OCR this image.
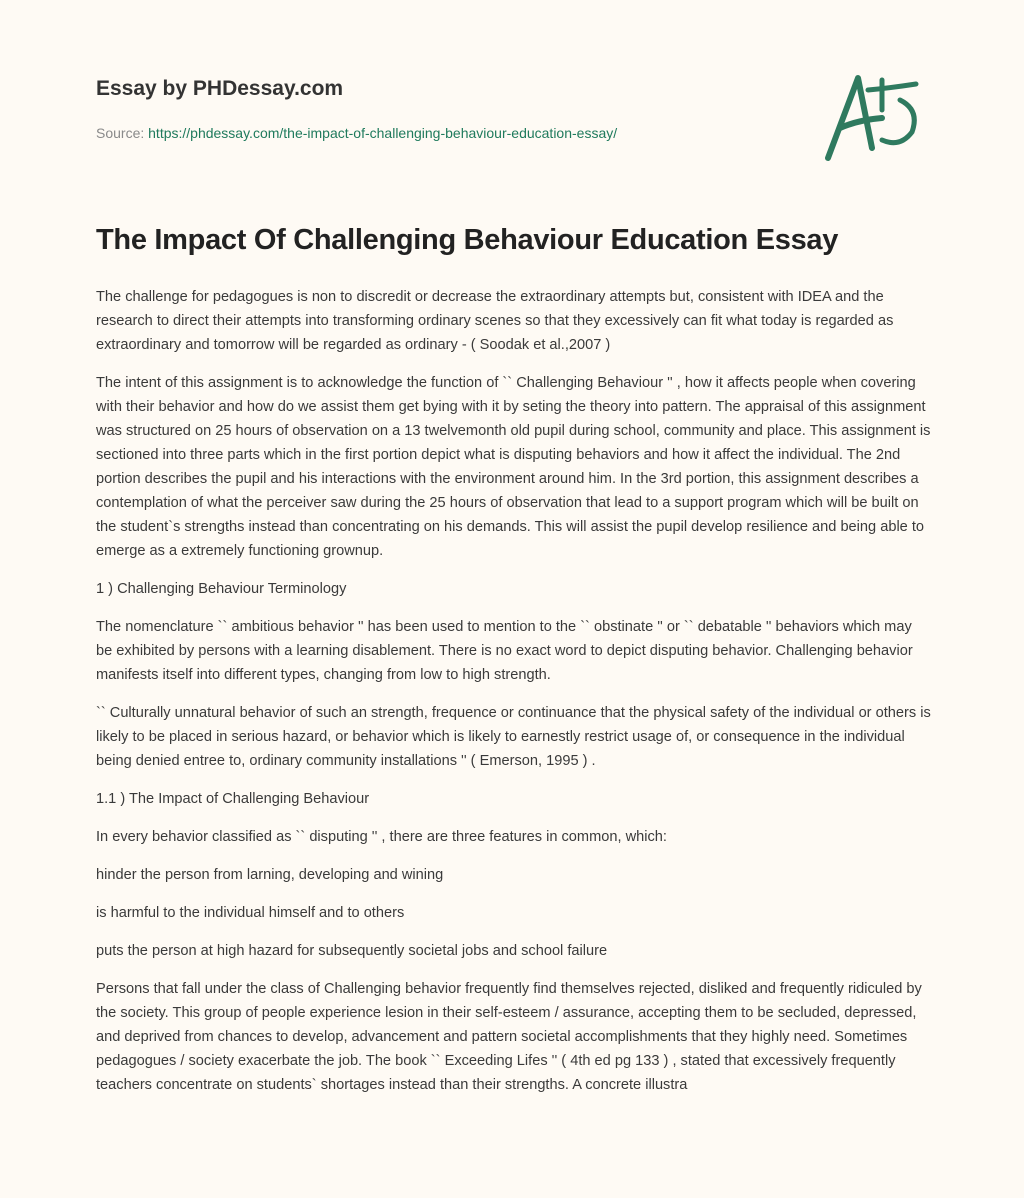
Essay by PHDessay.com
Source: https://phdessay.com/the-impact-of-challenging-behaviour-education-essay/
The Impact Of Challenging Behaviour Education Essay

The challenge for pedagogues is non to discredit or decrease the extraordinary attempts but, consistent with IDEA and the research to direct their attempts into transforming ordinary scenes so that they excessively can fit what today is regarded as extraordinary and tomorrow will be regarded as ordinary - ( Soodak et al.,2007 )

The intent of this assignment is to acknowledge the function of `` Challenging Behaviour '' , how it affects people when covering with their behavior and how do we assist them get bying with it by seting the theory into pattern. The appraisal of this assignment was structured on 25 hours of observation on a 13 twelvemonth old pupil during school, community and place. This assignment is sectioned into three parts which in the first portion depict what is disputing behaviors and how it affect the individual. The 2nd portion describes the pupil and his interactions with the environment around him. In the 3rd portion, this assignment describes a contemplation of what the perceiver saw during the 25 hours of observation that lead to a support program which will be built on the student`s strengths instead than concentrating on his demands. This will assist the pupil develop resilience and being able to emerge as a extremely functioning grownup.

1 ) Challenging Behaviour Terminology

The nomenclature `` ambitious behavior '' has been used to mention to the `` obstinate '' or `` debatable '' behaviors which may be exhibited by persons with a learning disablement. There is no exact word to depict disputing behavior. Challenging behavior manifests itself into different types, changing from low to high strength.

`` Culturally unnatural behavior of such an strength, frequence or continuance that the physical safety of the individual or others is likely to be placed in serious hazard, or behavior which is likely to earnestly restrict usage of, or consequence in the individual being denied entree to, ordinary community installations '' ( Emerson, 1995 ) .

1.1 ) The Impact of Challenging Behaviour

In every behavior classified as `` disputing '' , there are three features in common, which:

hinder the person from larning, developing and wining

is harmful to the individual himself and to others

puts the person at high hazard for subsequently societal jobs and school failure

Persons that fall under the class of Challenging behavior frequently find themselves rejected, disliked and frequently ridiculed by the society. This group of people experience lesion in their self-esteem / assurance, accepting them to be secluded, depressed, and deprived from chances to develop, advancement and pattern societal accomplishments that they highly need. Sometimes pedagogues / society exacerbate the job. The book `` Exceeding Lifes '' ( 4th ed pg 133 ) , stated that excessively frequently teachers concentrate on students` shortages instead than their strengths. A concrete illustra
